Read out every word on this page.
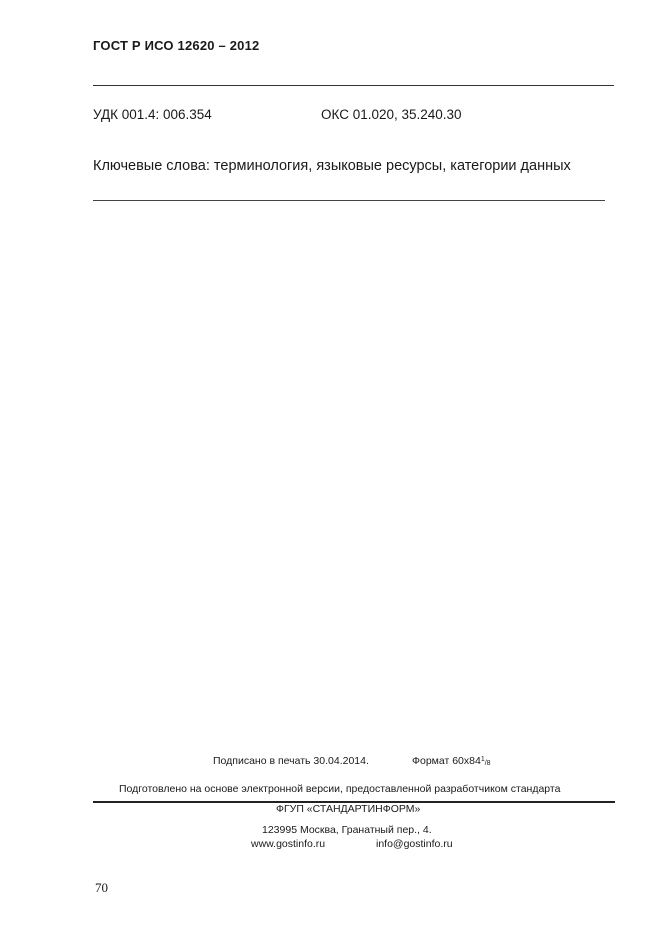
ГОСТ Р ИСО 12620 – 2012
УДК 001.4: 006.354	ОКС 01.020, 35.240.30
Ключевые слова: терминология, языковые ресурсы, категории данных
Подписано в печать 30.04.2014.	Формат $60x84^1_{/8}$
Подготовлено на основе электронной версии, предоставленной разработчиком стандарта
ФГУП «СТАНДАРТИНФОРМ»
123995 Москва, Гранатный пер., 4.
www.gostinfo.ru	info@gostinfo.ru
70
